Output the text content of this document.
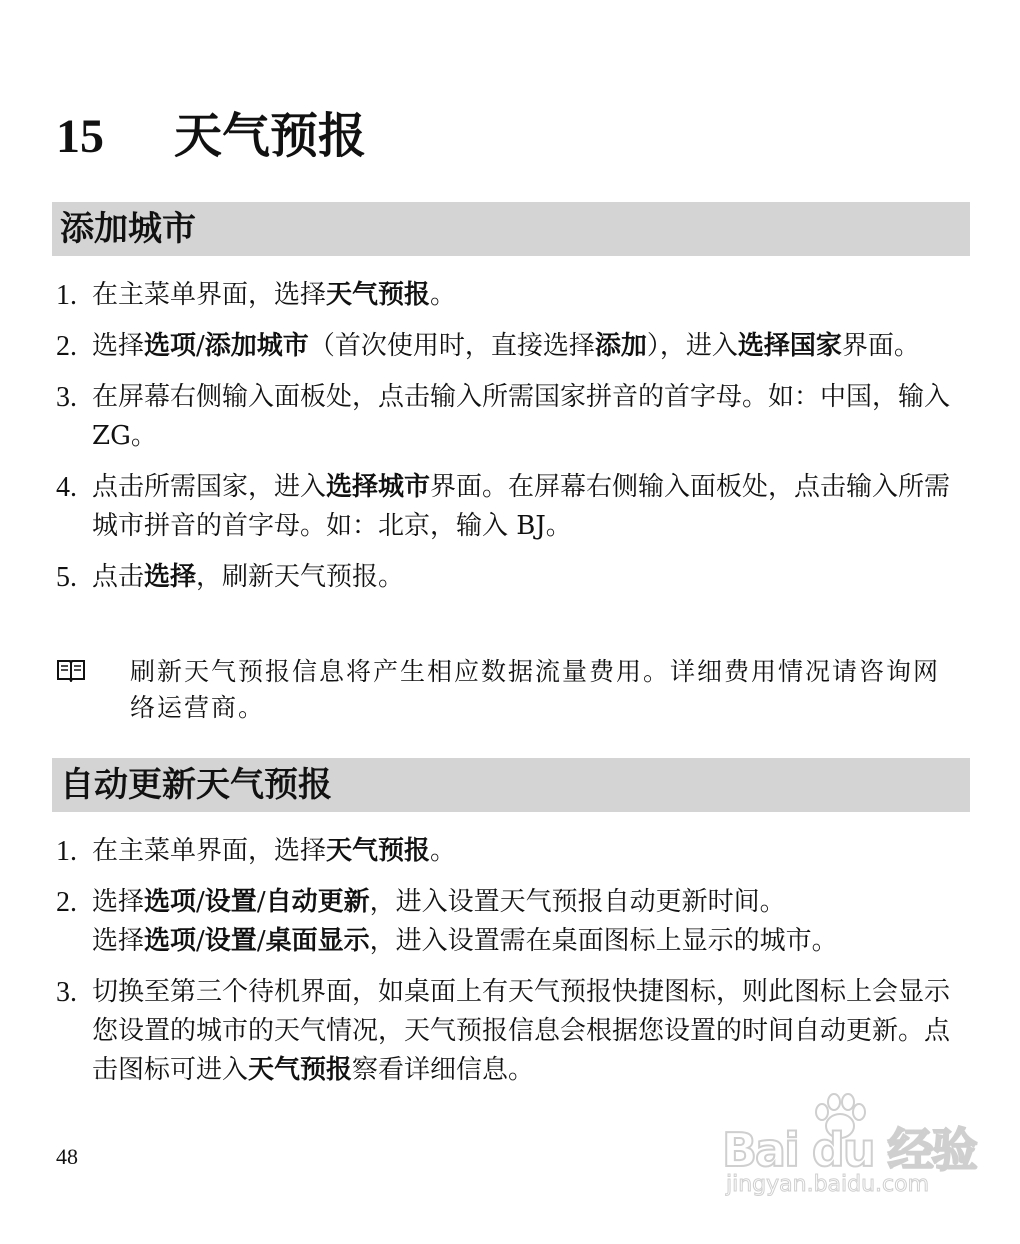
15 天气预报
添加城市
1. 在主菜单界面，选择天气预报。
2. 选择选项/添加城市（首次使用时，直接选择添加），进入选择国家界面。
3. 在屏幕右侧输入面板处，点击输入所需国家拼音的首字母。如：中国，输入 ZG。
4. 点击所需国家，进入选择城市界面。在屏幕右侧输入面板处，点击输入所需城市拼音的首字母。如：北京，输入 BJ。
5. 点击选择，刷新天气预报。
刷新天气预报信息将产生相应数据流量费用。详细费用情况请咨询网络运营商。
自动更新天气预报
1. 在主菜单界面，选择天气预报。
2. 选择选项/设置/自动更新，进入设置天气预报自动更新时间。
选择选项/设置/桌面显示，进入设置需在桌面图标上显示的城市。
3. 切换至第三个待机界面，如桌面上有天气预报快捷图标，则此图标上会显示您设置的城市的天气情况，天气预报信息会根据您设置的时间自动更新。点击图标可进入天气预报察看详细信息。
48	Bai du 经验
jingyan.baidu.com
